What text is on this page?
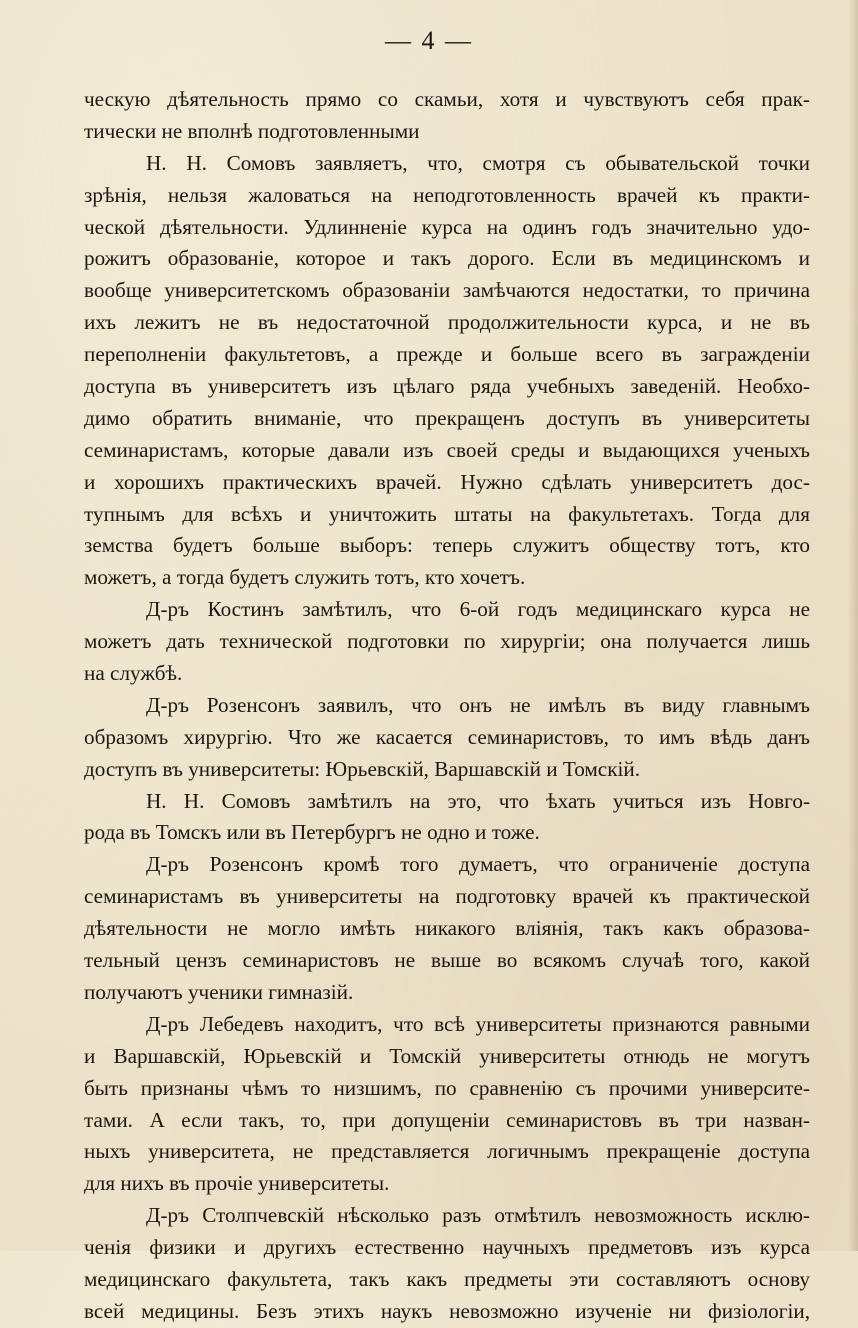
— 4 —
ческую дѣятельность прямо со скамьи, хотя и чувствуютъ себя прак-
тически не вполнѣ подготовленными
Н. Н. Сомовъ заявляетъ, что, смотря съ обывательской точки
зрѣнія, нельзя жаловаться на неподготовленность врачей къ практи-
ческой дѣятельности. Удлинненіе курса на одинъ годъ значительно удо-
рожитъ образованіе, которое и такъ дорого. Если въ медицинскомъ и
вообще университетскомъ образованіи замѣчаются недостатки, то причина
ихъ лежитъ не въ недостаточной продолжительности курса, и не въ
переполненіи факультетовъ, а прежде и больше всего въ загражденіи
доступа въ университетъ изъ цѣлаго ряда учебныхъ заведеній. Необхо-
димо обратить вниманіе, что прекращенъ доступъ въ университеты
семинаристамъ, которые давали изъ своей среды и выдающихся ученыхъ
и хорошихъ практическихъ врачей. Нужно сдѣлать университетъ дос-
тупнымъ для всѣхъ и уничтожить штаты на факультетахъ. Тогда для
земства будетъ больше выборъ: теперь служитъ обществу тотъ, кто
можетъ, а тогда будетъ служить тотъ, кто хочетъ.
Д-ръ Костинъ замѣтилъ, что 6-ой годъ медицинскаго курса не
можетъ дать технической подготовки по хирургіи; она получается лишь
на службѣ.
Д-ръ Розенсонъ заявилъ, что онъ не имѣлъ въ виду главнымъ
образомъ хирургію. Что же касается семинаристовъ, то имъ вѣдь данъ
доступъ въ университеты: Юрьевскій, Варшавскій и Томскій.
Н. Н. Сомовъ замѣтилъ на это, что ѣхать учиться изъ Новго-
рода въ Томскъ или въ Петербургъ не одно и тоже.
Д-ръ Розенсонъ кромѣ того думаетъ, что ограниченіе доступа
семинаристамъ въ университеты на подготовку врачей къ практической
дѣятельности не могло имѣть никакого вліянія, такъ какъ образова-
тельный цензъ семинаристовъ не выше во всякомъ случаѣ того, какой
получаютъ ученики гимназій.
Д-ръ Лебедевъ находитъ, что всѣ университеты признаются равными
и Варшавскій, Юрьевскій и Томскій университеты отнюдь не могутъ
быть признаны чѣмъ то низшимъ, по сравненію съ прочими университе-
тами. А если такъ, то, при допущеніи семинаристовъ въ три назван-
ныхъ университета, не представляется логичнымъ прекращеніе доступа
для нихъ въ прочіе университеты.
Д-ръ Столпчевскій нѣсколько разъ отмѣтилъ невозможность исклю-
ченія физики и другихъ естественно научныхъ предметовъ изъ курса
медицинскаго факультета, такъ какъ предметы эти составляютъ основу
всей медицины. Безъ этихъ наукъ невозможно изученіе ни физіологіи,
